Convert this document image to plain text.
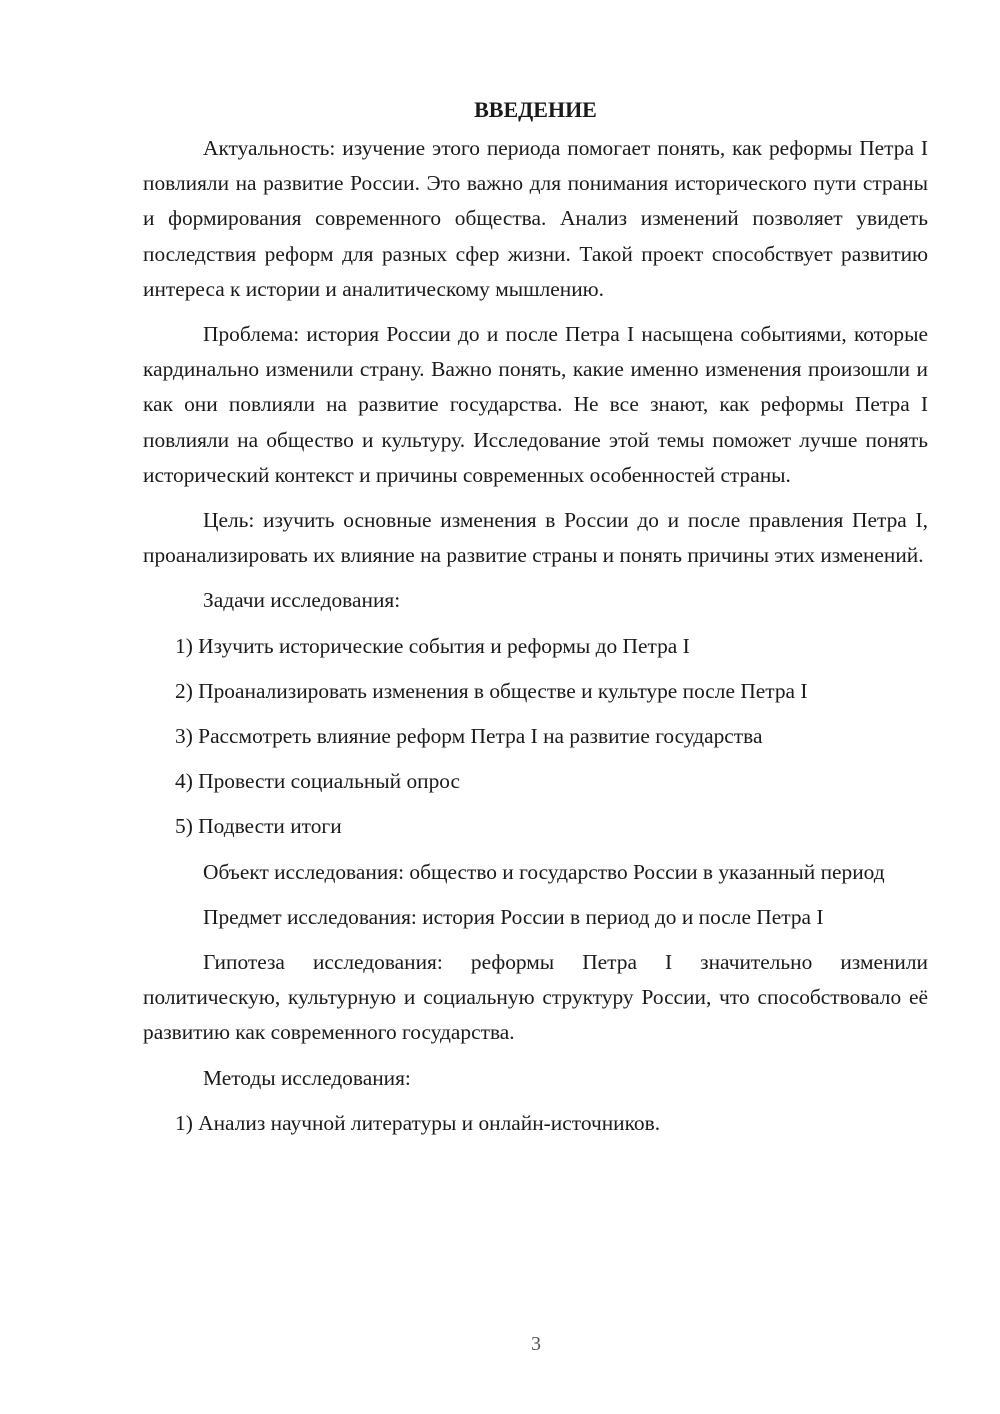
ВВЕДЕНИЕ

Актуальность: изучение этого периода помогает понять, как реформы Петра I повлияли на развитие России. Это важно для понимания исторического пути страны и формирования современного общества. Анализ изменений позволяет увидеть последствия реформ для разных сфер жизни. Такой проект способствует развитию интереса к истории и аналитическому мышлению.

Проблема: история России до и после Петра I насыщена событиями, которые кардинально изменили страну. Важно понять, какие именно изменения произошли и как они повлияли на развитие государства. Не все знают, как реформы Петра I повлияли на общество и культуру. Исследование этой темы поможет лучше понять исторический контекст и причины современных особенностей страны.

Цель: изучить основные изменения в России до и после правления Петра I, проанализировать их влияние на развитие страны и понять причины этих изменений.

Задачи исследования:

1) Изучить исторические события и реформы до Петра I

2) Проанализировать изменения в обществе и культуре после Петра I

3) Рассмотреть влияние реформ Петра I на развитие государства

4) Провести социальный опрос

5) Подвести итоги

Объект исследования: общество и государство России в указанный период

Предмет исследования: история России в период до и после Петра I

Гипотеза исследования: реформы Петра I значительно изменили политическую, культурную и социальную структуру России, что способствовало её развитию как современного государства.

Методы исследования:

1) Анализ научной литературы и онлайн-источников.

3
